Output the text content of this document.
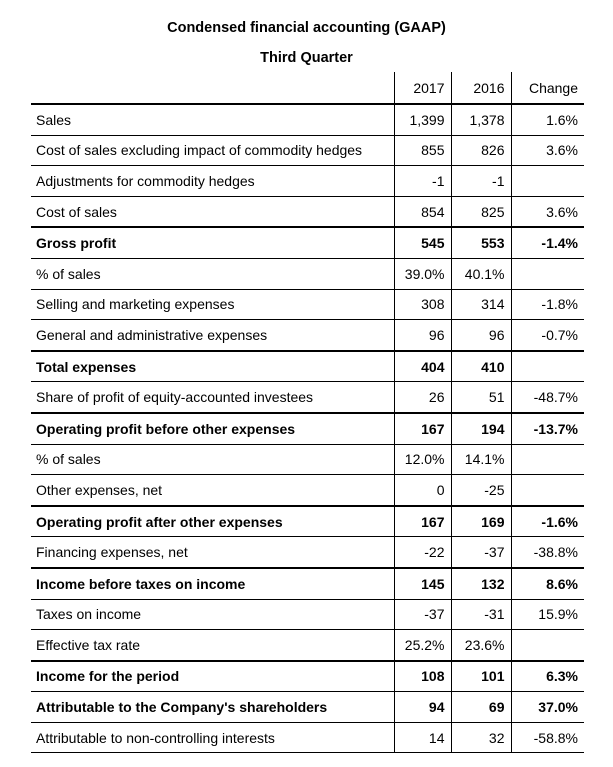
Condensed financial accounting (GAAP)
Third Quarter
	2017	2016	Change
Sales	1,399	1,378	1.6%
Cost of sales excluding impact of commodity hedges	855	826	3.6%
Adjustments for commodity hedges	-1	-1	
Cost of sales	854	825	3.6%
Gross profit	545	553	-1.4%
% of sales	39.0%	40.1%	
Selling and marketing expenses	308	314	-1.8%
General and administrative expenses	96	96	-0.7%
Total expenses	404	410	
Share of profit of equity-accounted investees	26	51	-48.7%
Operating profit before other expenses	167	194	-13.7%
% of sales	12.0%	14.1%	
Other expenses, net	0	-25	
Operating profit after other expenses	167	169	-1.6%
Financing expenses, net	-22	-37	-38.8%
Income before taxes on income	145	132	8.6%
Taxes on income	-37	-31	15.9%
Effective tax rate	25.2%	23.6%	
Income for the period	108	101	6.3%
Attributable to the Company's shareholders	94	69	37.0%
Attributable to non-controlling interests	14	32	-58.8%
